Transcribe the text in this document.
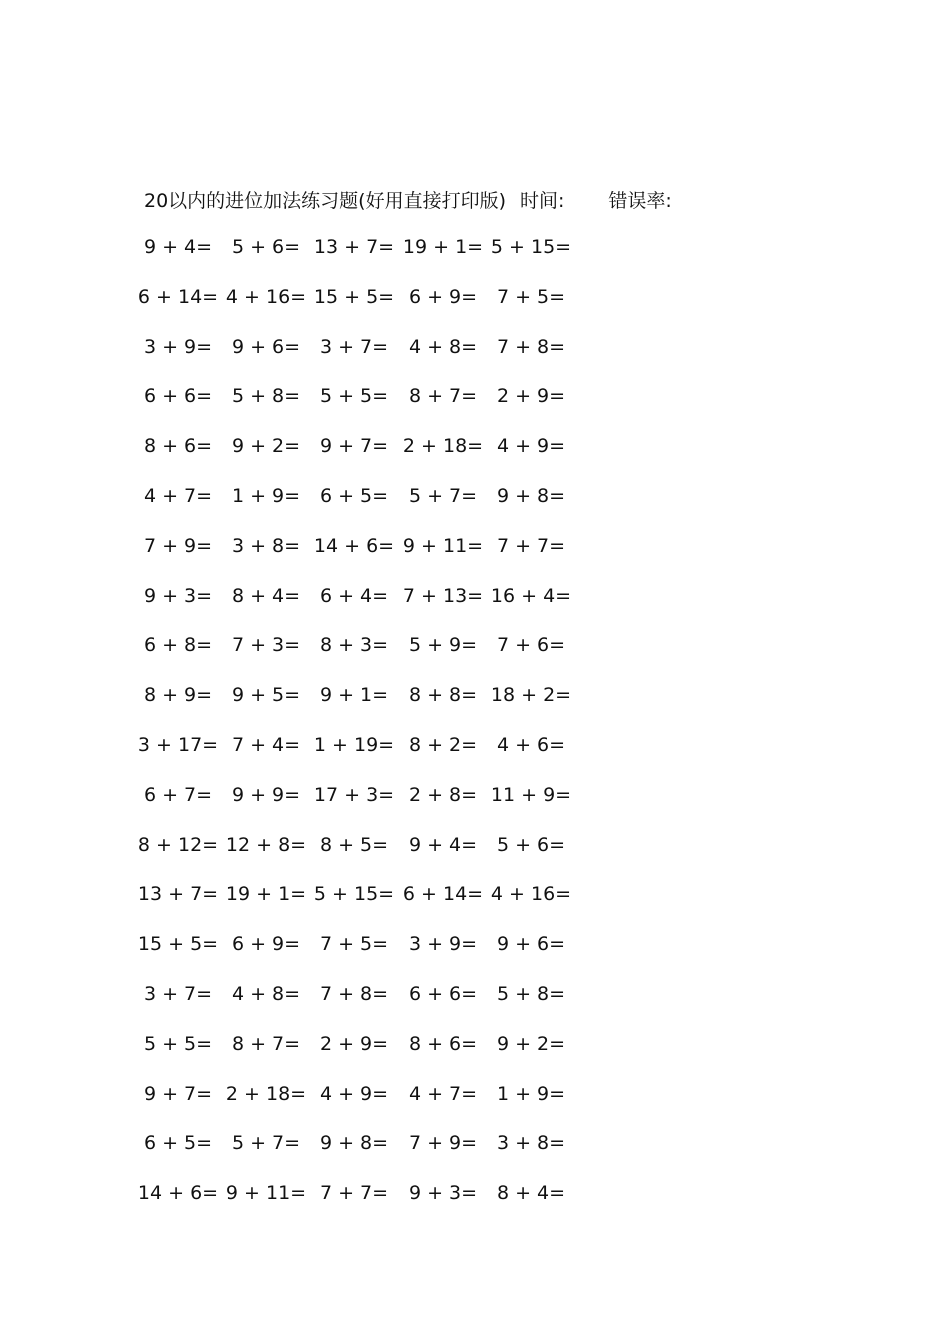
20以内的进位加法练习题(好用直接打印版) 时间: 错误率:
9 + 4=	5 + 6= 13 + 7= 19 + 1= 5 + 15=
6 + 14= 4 + 16= 15 + 5= 6 + 9=	7 + 5=
3 + 9=	9 + 6=	3 + 7=	4 + 8=	7 + 8=
6 + 6=	5 + 8=	5 + 5=	8 + 7=	2 + 9=
8 + 6=	9 + 2=	9 + 7= 2 + 18= 4 + 9=
4 + 7=	1 + 9=	6 + 5=	5 + 7=	9 + 8=
7 + 9=	3 + 8= 14 + 6= 9 + 11= 7 + 7=
9 + 3=	8 + 4=	6 + 4= 7 + 13= 16 + 4=
6 + 8=	7 + 3=	8 + 3=	5 + 9=	7 + 6=
8 + 9=	9 + 5=	9 + 1=	8 + 8= 18 + 2=
3 + 17= 7 + 4= 1 + 19= 8 + 2=	4 + 6=
6 + 7=	9 + 9= 17 + 3= 2 + 8= 11 + 9=
8 + 12= 12 + 8= 8 + 5=	9 + 4=	5 + 6=
13 + 7= 19 + 1= 5 + 15= 6 + 14= 4 + 16=
15 + 5= 6 + 9=	7 + 5=	3 + 9=	9 + 6=
3 + 7=	4 + 8=	7 + 8=	6 + 6=	5 + 8=
5 + 5=	8 + 7=	2 + 9=	8 + 6=	9 + 2=
9 + 7= 2 + 18= 4 + 9=	4 + 7=	1 + 9=
6 + 5=	5 + 7=	9 + 8=	7 + 9=	3 + 8=
14 + 6= 9 + 11= 7 + 7=	9 + 3=	8 + 4=
